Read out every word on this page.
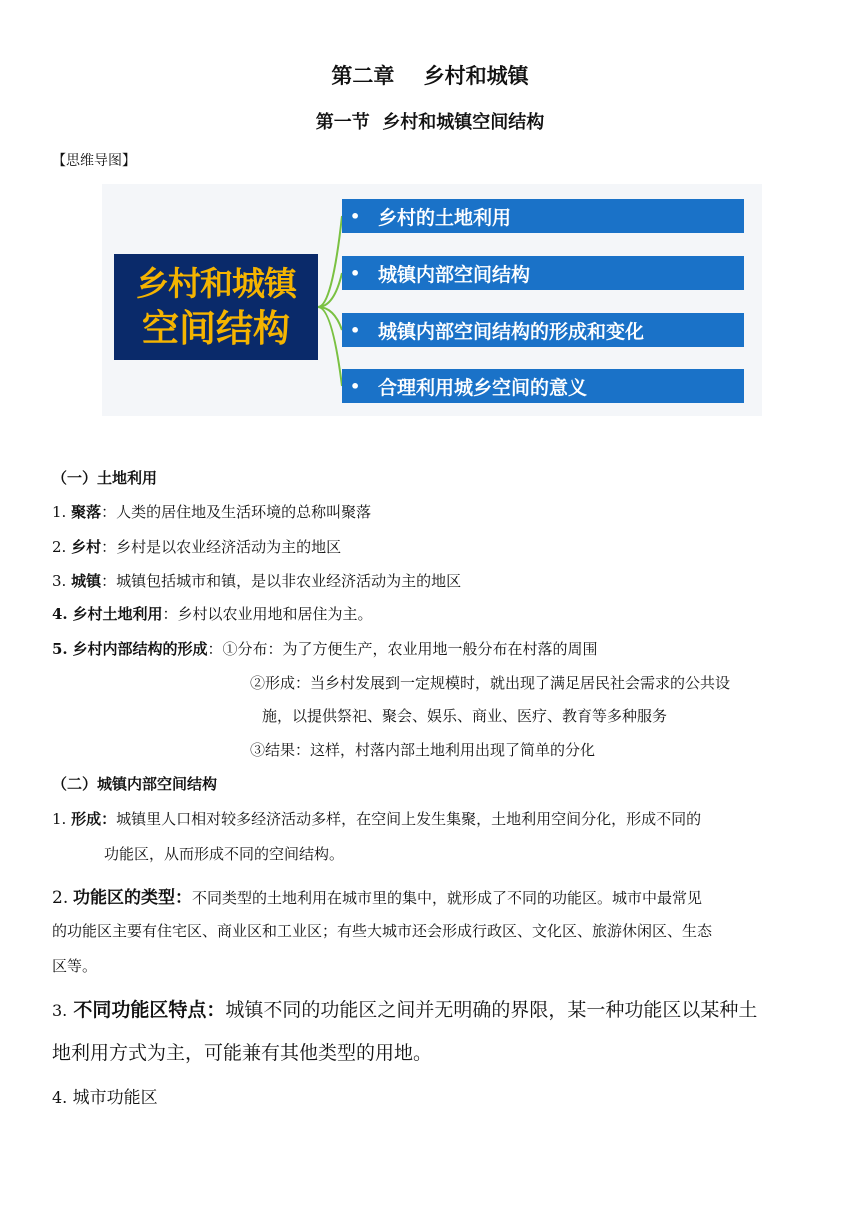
第二章    乡村和城镇
第一节  乡村和城镇空间结构
【思维导图】
乡村和城镇
空间结构
• 乡村的土地利用
• 城镇内部空间结构
• 城镇内部空间结构的形成和变化
• 合理利用城乡空间的意义
（一）土地利用
1. 聚落：人类的居住地及生活环境的总称叫聚落
2. 乡村：乡村是以农业经济活动为主的地区
3. 城镇：城镇包括城市和镇，是以非农业经济活动为主的地区
4. 乡村土地利用：乡村以农业用地和居住为主。
5. 乡村内部结构的形成：①分布：为了方便生产，农业用地一般分布在村落的周围
②形成：当乡村发展到一定规模时，就出现了满足居民社会需求的公共设
施，以提供祭祀、聚会、娱乐、商业、医疗、教育等多种服务
③结果：这样，村落内部土地利用出现了简单的分化
（二）城镇内部空间结构
1. 形成：城镇里人口相对较多经济活动多样，在空间上发生集聚，土地利用空间分化，形成不同的
功能区，从而形成不同的空间结构。
2. 功能区的类型：不同类型的土地利用在城市里的集中，就形成了不同的功能区。城市中最常见
的功能区主要有住宅区、商业区和工业区；有些大城市还会形成行政区、文化区、旅游休闲区、生态
区等。
3. 不同功能区特点：城镇不同的功能区之间并无明确的界限，某一种功能区以某种土
地利用方式为主，可能兼有其他类型的用地。
4. 城市功能区
